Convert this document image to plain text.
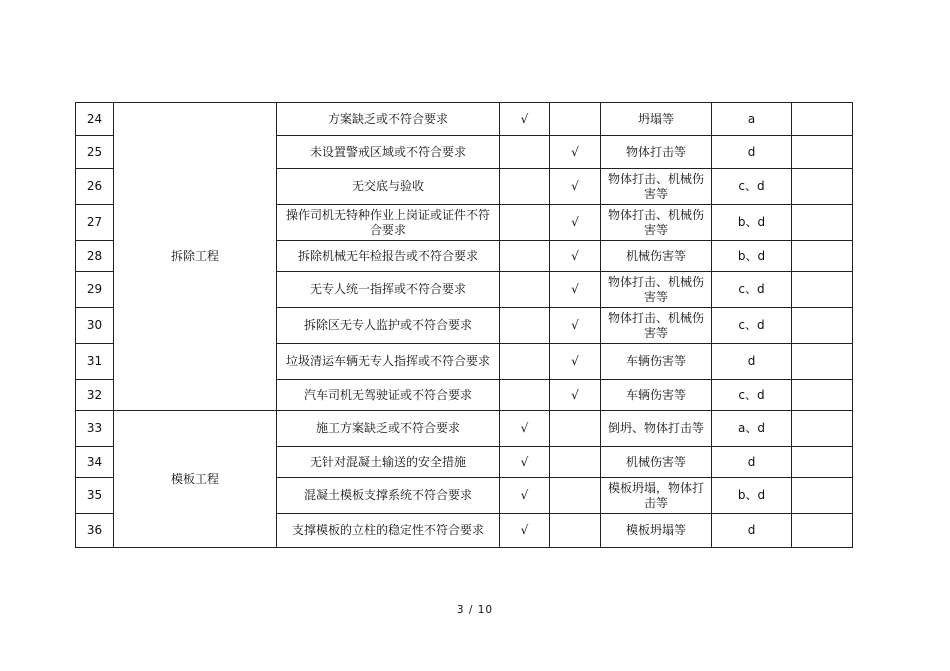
24	拆除工程	方案缺乏或不符合要求	√		坍塌等	a	
25		未设置警戒区域或不符合要求		√	物体打击等	d	
26		无交底与验收		√	物体打击、机械伤害等	c、d	
27		操作司机无特种作业上岗证或证件不符合要求		√	物体打击、机械伤害等	b、d	
28		拆除机械无年检报告或不符合要求		√	机械伤害等	b、d	
29		无专人统一指挥或不符合要求		√	物体打击、机械伤害等	c、d	
30		拆除区无专人监护或不符合要求		√	物体打击、机械伤害等	c、d	
31		垃圾清运车辆无专人指挥或不符合要求		√	车辆伤害等	d	
32		汽车司机无驾驶证或不符合要求		√	车辆伤害等	c、d	
33	模板工程	施工方案缺乏或不符合要求	√		倒坍、物体打击等	a、d	
34		无针对混凝土输送的安全措施	√		机械伤害等	d	
35		混凝土模板支撑系统不符合要求	√		模板坍塌，物体打击等	b、d	
36		支撑模板的立柱的稳定性不符合要求	√		模板坍塌等	d	
3 / 10
